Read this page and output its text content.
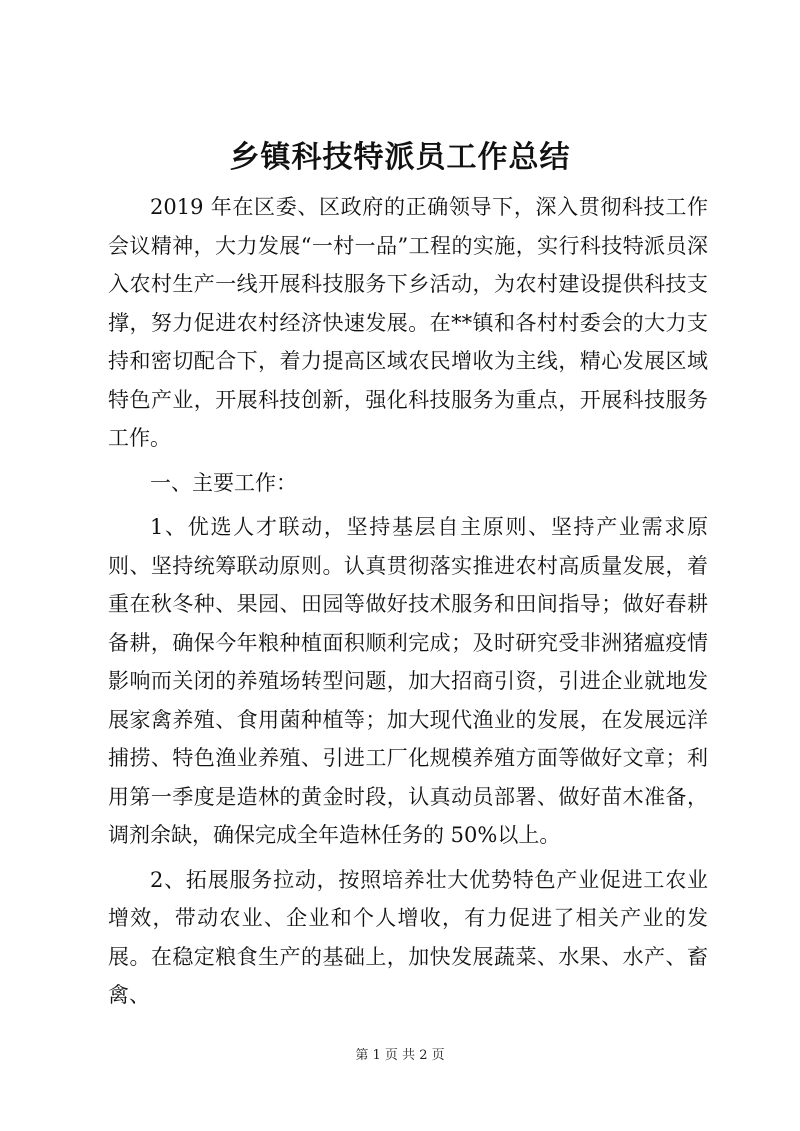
乡镇科技特派员工作总结

2019 年在区委、区政府的正确领导下，深入贯彻科技工作会议精神，大力发展“一村一品”工程的实施，实行科技特派员深入农村生产一线开展科技服务下乡活动，为农村建设提供科技支撑，努力促进农村经济快速发展。在**镇和各村村委会的大力支持和密切配合下，着力提高区域农民增收为主线，精心发展区域特色产业，开展科技创新，强化科技服务为重点，开展科技服务工作。

一、主要工作：

1、优选人才联动，坚持基层自主原则、坚持产业需求原则、坚持统筹联动原则。认真贯彻落实推进农村高质量发展，着重在秋冬种、果园、田园等做好技术服务和田间指导；做好春耕备耕，确保今年粮种植面积顺利完成；及时研究受非洲猪瘟疫情影响而关闭的养殖场转型问题，加大招商引资，引进企业就地发展家禽养殖、食用菌种植等；加大现代渔业的发展，在发展远洋捕捞、特色渔业养殖、引进工厂化规模养殖方面等做好文章；利用第一季度是造林的黄金时段，认真动员部署、做好苗木准备，调剂余缺，确保完成全年造林任务的 50%以上。

2、拓展服务拉动，按照培养壮大优势特色产业促进工农业增效，带动农业、企业和个人增收，有力促进了相关产业的发展。在稳定粮食生产的基础上，加快发展蔬菜、水果、水产、畜禽、

第 1 页 共 2 页
